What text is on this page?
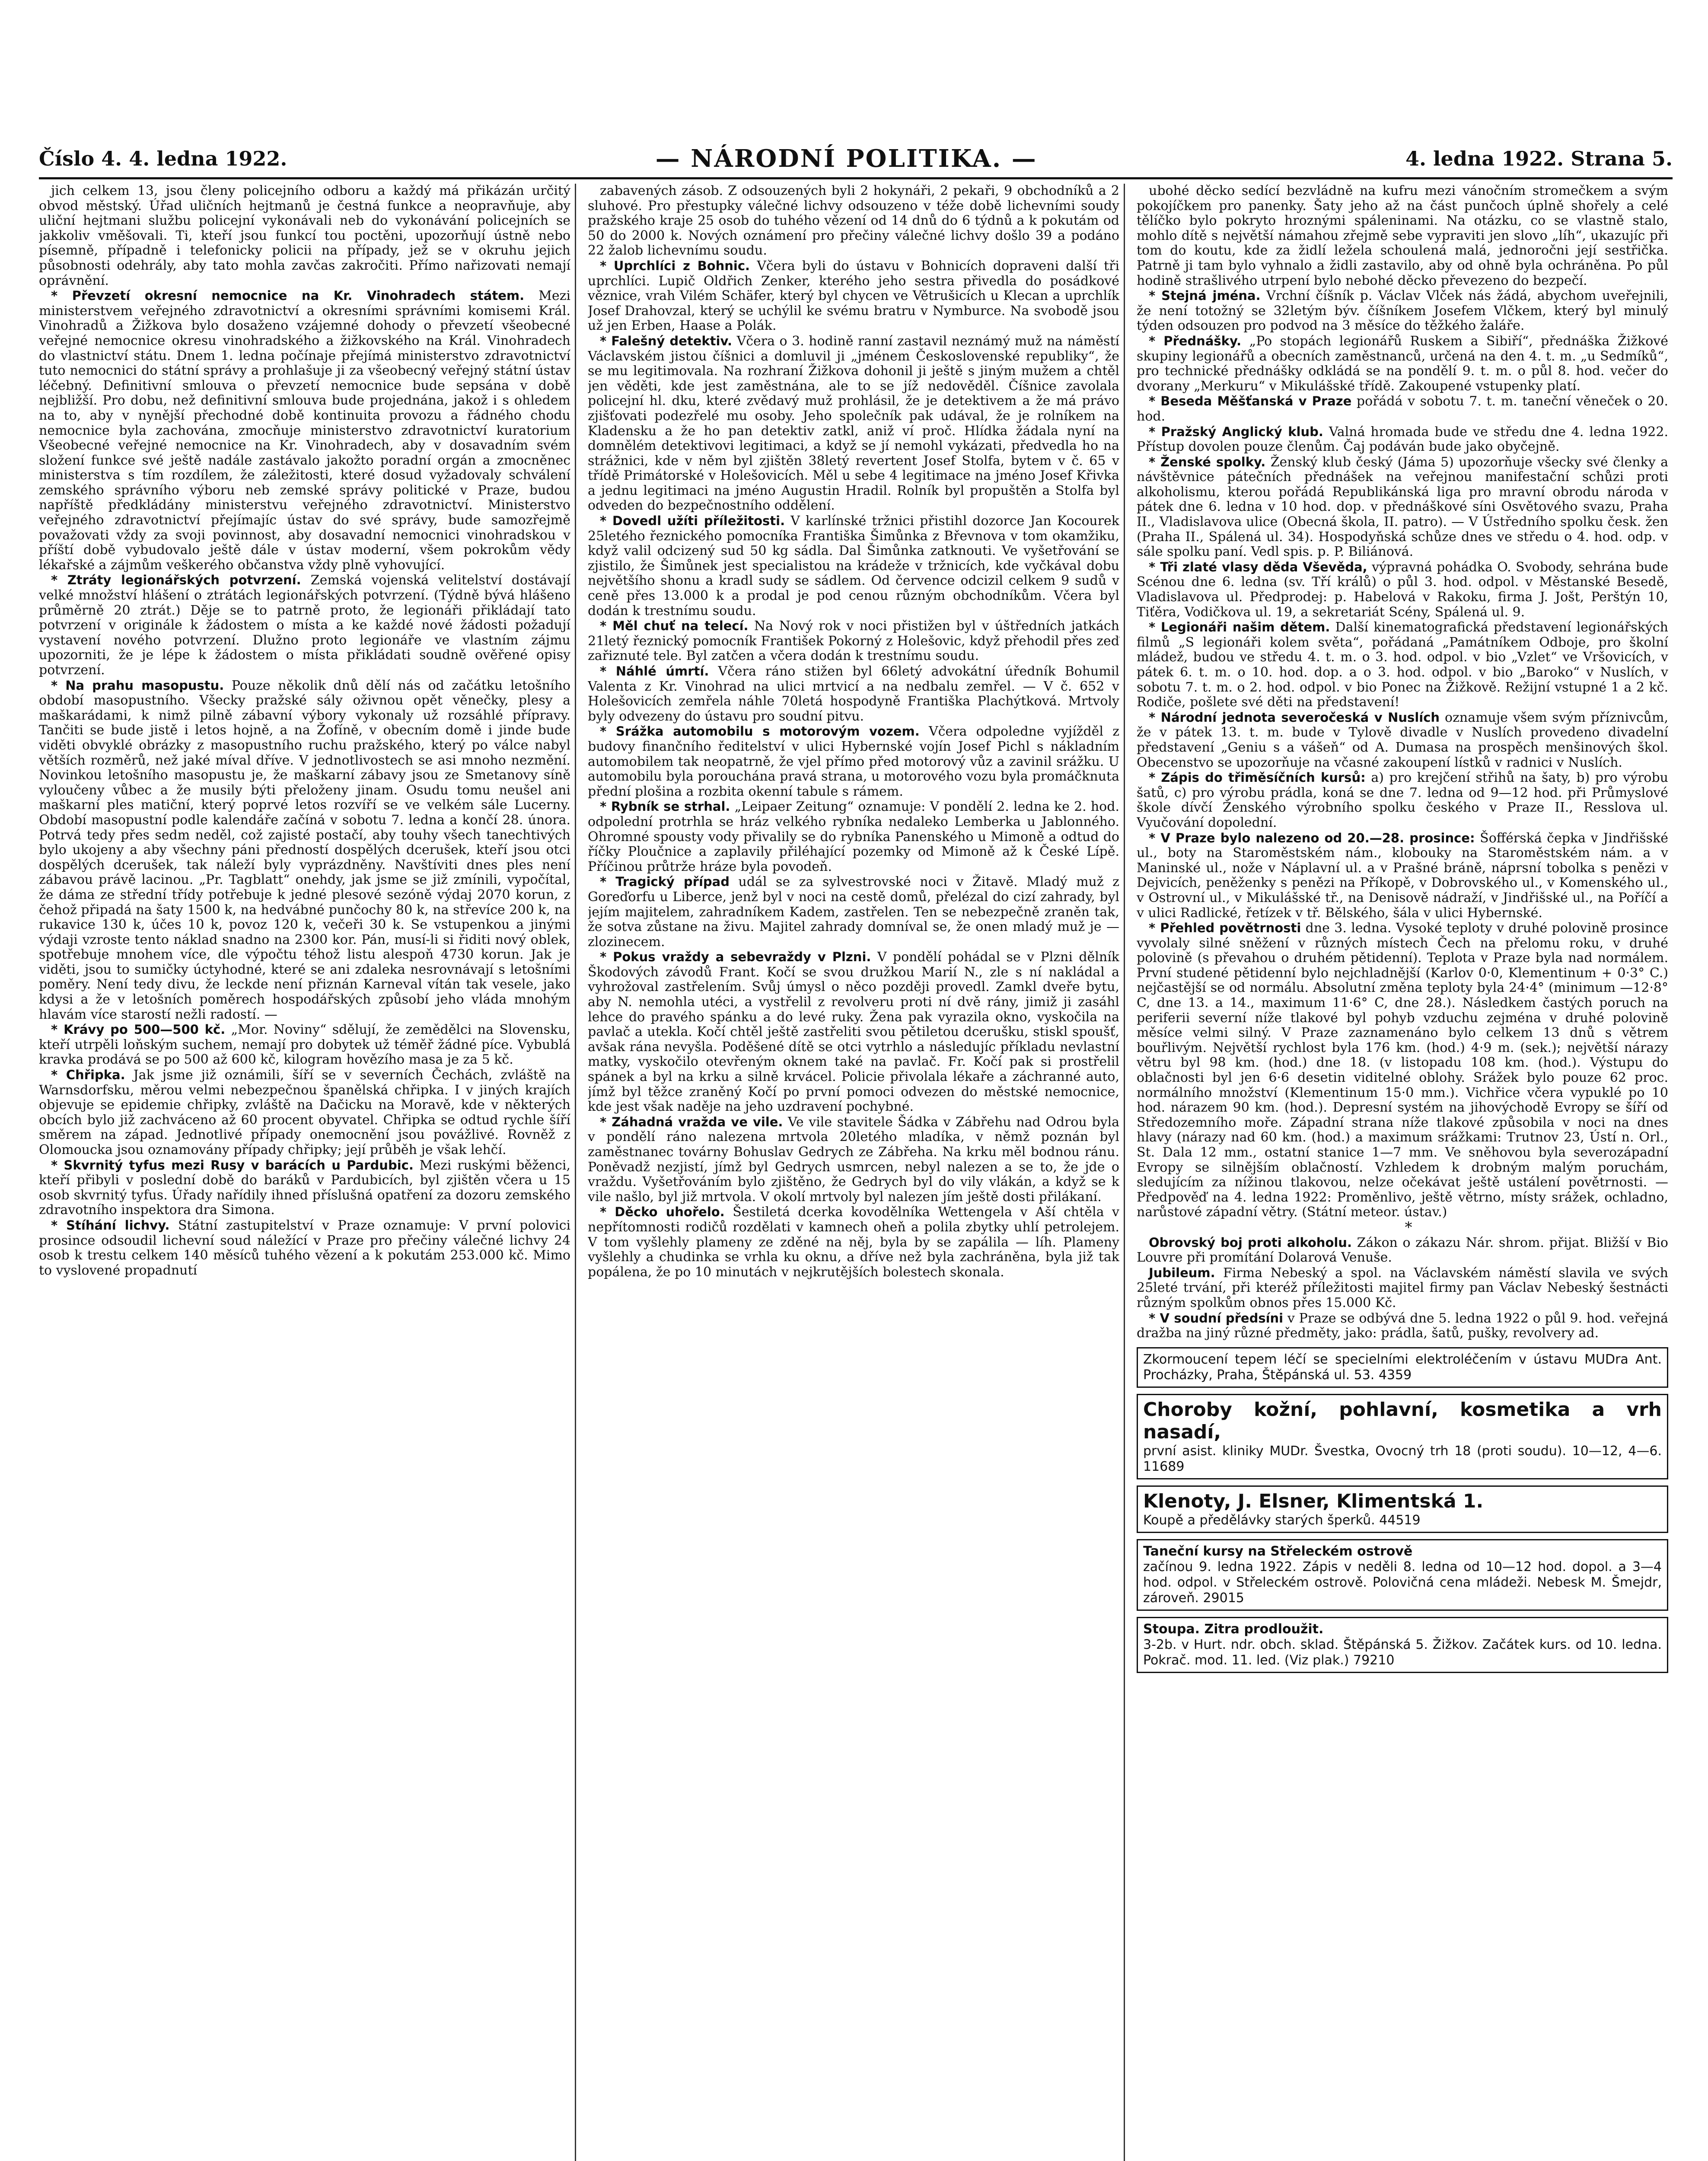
Číslo 4. 4. ledna 1922.	— NÁRODNÍ POLITIKA. —	4. ledna 1922. Strana 5.

jich celkem 13, jsou členy policejního odboru a každý má přikázán určitý obvod městský. Úřad uličních hejtmanů je čestná funkce a neopravňuje, aby uliční hejtmani službu policejní vykonávali neb do vykonávání policejních se jakkoliv vměšovali. Ti, kteří jsou funkcí tou poctěni, upozorňují ústně nebo písemně, případně i telefonicky policii na případy, jež se v okruhu jejich působnosti odehrály, aby tato mohla zavčas zakročiti. Přímo nařizovati nemají oprávnění.

* Převzetí okresní nemocnice na Kr. Vinohradech státem. Mezi ministerstvem veřejného zdravotnictví a okresními správními komisemi Král. Vinohradů a Žižkova bylo dosaženo vzájemné dohody o převzetí všeobecné veřejné nemocnice okresu vinohradského a žižkovského na Král. Vinohradech do vlastnictví státu. Dnem 1. ledna počínaje přejímá ministerstvo zdravotnictví tuto nemocnici do státní správy a prohlašuje ji za všeobecný veřejný státní ústav léčebný. Definitivní smlouva o převzetí nemocnice bude sepsána v době nejbližší. Pro dobu, než definitivní smlouva bude projednána, jakož i s ohledem na to, aby v nynější přechodné době kontinuita provozu a řádného chodu nemocnice byla zachována, zmocňuje ministerstvo zdravotnictví kuratorium Všeobecné veřejné nemocnice na Kr. Vinohradech, aby v dosavadním svém složení funkce své ještě nadále zastávalo jakožto poradní orgán a zmocněnec ministerstva s tím rozdílem, že záležitosti, které dosud vyžadovaly schválení zemského správního výboru neb zemské správy politické v Praze, budou napříště předkládány ministerstvu veřejného zdravotnictví. Ministerstvo veřejného zdravotnictví přejímajíc ústav do své správy, bude samozřejmě považovati vždy za svoji povinnost, aby dosavadní nemocnici vinohradskou v příští době vybudovalo ještě dále v ústav moderní, všem pokrokům vědy lékařské a zájmům veškerého občanstva vždy plně vyhovující.

* Ztráty legionářských potvrzení. Zemská vojenská velitelství dostávají velké množství hlášení o ztrátách legionářských potvrzení. (Týdně bývá hlášeno průměrně 20 ztrát.) Děje se to patrně proto, že legionáři přikládají tato potvrzení v originále k žádostem o místa a ke každé nové žádosti požadují vystavení nového potvrzení. Dlužno proto legionáře ve vlastním zájmu upozorniti, že je lépe k žádostem o místa přikládati soudně ověřené opisy potvrzení.

* Na prahu masopustu. Pouze několik dnů dělí nás od začátku letošního období masopustního. Všecky pražské sály oživnou opět věnečky, plesy a maškarádami, k nimž pilně zábavní výbory vykonaly už rozsáhlé přípravy. Tančiti se bude jistě i letos hojně, a na Žofíně, v obecním domě i jinde bude viděti obvyklé obrázky z masopustního ruchu pražského, který po válce nabyl větších rozměrů, než jaké míval dříve. V jednotlivostech se asi mnoho nezmění. Novinkou letošního masopustu je, že maškarní zábavy jsou ze Smetanovy síně vyloučeny vůbec a že musily býti přeloženy jinam. Osudu tomu neušel ani maškarní ples matiční, který poprvé letos rozvíří se ve velkém sále Lucerny. Období masopustní podle kalendáře začíná v sobotu 7. ledna a končí 28. února. Potrvá tedy přes sedm neděl, což zajisté postačí, aby touhy všech tanechtivých bylo ukojeny a aby všechny páni předností dospělých dcerušek, kteří jsou otci dospělých dcerušek, tak náleží byly vyprázdněny. Navštíviti dnes ples není zábavou právě lacinou. „Pr. Tagblatt“ onehdy, jak jsme se již zmínili, vypočítal, že dáma ze střední třídy potřebuje k jedné plesové sezóně výdaj 2070 korun, z čehož připadá na šaty 1500 k, na hedvábné punčochy 80 k, na střevíce 200 k, na rukavice 130 k, účes 10 k, povoz 120 k, večeři 30 k. Se vstupenkou a jinými výdaji vzroste tento náklad snadno na 2300 kor. Pán, musí-li si řiditi nový oblek, spotřebuje mnohem více, dle výpočtu téhož listu alespoň 4730 korun. Jak je viděti, jsou to sumičky úctyhodné, které se ani zdaleka nesrovnávají s letošními poměry. Není tedy divu, že leckde není přiznán Karneval vítán tak vesele, jako kdysi a že v letošních poměrech hospodářských způsobí jeho vláda mnohým hlavám více starostí nežli radostí. —

* Krávy po 500—500 kč. „Mor. Noviny“ sdělují, že zemědělci na Slovensku, kteří utrpěli loňským suchem, nemají pro dobytek už téměř žádné píce. Vybublá kravka prodává se po 500 až 600 kč, kilogram hovězího masa je za 5 kč.

* Chřipka. Jak jsme již oznámili, šíří se v severních Čechách, zvláště na Warnsdorfsku, měrou velmi nebezpečnou španělská chřipka. I v jiných krajích objevuje se epidemie chřipky, zvláště na Dačicku na Moravě, kde v některých obcích bylo již zachváceno až 60 procent obyvatel. Chřipka se odtud rychle šíří směrem na západ. Jednotlivé případy onemocnění jsou povážlivé. Rovněž z Olomoucka jsou oznamovány případy chřipky; její průběh je však lehčí.

* Skvrnitý tyfus mezi Rusy v barácích u Pardubic. Mezi ruskými běženci, kteří přibyli v poslední době do baráků v Pardubicích, byl zjištěn včera u 15 osob skvrnitý tyfus. Úřady nařídily ihned příslušná opatření za dozoru zemského zdravotního inspektora dra Simona.

* Stíhání lichvy. Státní zastupitelství v Praze oznamuje: V první polovici prosince odsoudil lichevní soud náležící v Praze pro přečiny válečné lichvy 24 osob k trestu celkem 140 měsíců tuhého vězení a k pokutám 253.000 kč. Mimo to vyslovené propadnutí

zabavených zásob. Z odsouzených byli 2 hokynáři, 2 pekaři, 9 obchodníků a 2 sluhové. Pro přestupky válečné lichvy odsouzeno v téže době lichevními soudy pražského kraje 25 osob do tuhého vězení od 14 dnů do 6 týdnů a k pokutám od 50 do 2000 k. Nových oznámení pro přečiny válečné lichvy došlo 39 a podáno 22 žalob lichevnímu soudu.

* Uprchlíci z Bohnic. Včera byli do ústavu v Bohnicích dopraveni další tři uprchlíci. Lupič Oldřich Zenker, kterého jeho sestra přivedla do posádkové věznice, vrah Vilém Schäfer, který byl chycen ve Větrušicích u Klecan a uprchlík Josef Drahovzal, který se uchýlil ke svému bratru v Nymburce. Na svobodě jsou už jen Erben, Haase a Polák.

* Falešný detektiv. Včera o 3. hodině ranní zastavil neznámý muž na náměstí Václavském jistou číšnici a domluvil ji „jménem Československé republiky“, že se mu legitimovala. Na rozhraní Žižkova dohonil ji ještě s jiným mužem a chtěl jen věděti, kde jest zaměstnána, ale to se jíž nedověděl. Číšnice zavolala policejní hl. dku, které zvědavý muž prohlásil, že je detektivem a že má právo zjišťovati podezřelé mu osoby. Jeho společník pak udával, že je rolníkem na Kladensku a že ho pan detektiv zatkl, aniž ví proč. Hlídka žádala nyní na domnělém detektivovi legitimaci, a když se jí nemohl vykázati, předvedla ho na strážnici, kde v něm byl zjištěn 38letý revertent Josef Stolfa, bytem v č. 65 v třídě Primátorské v Holešovicích. Měl u sebe 4 legitimace na jméno Josef Křivka a jednu legitimaci na jméno Augustin Hradil. Rolník byl propuštěn a Stolfa byl odveden do bezpečnostního oddělení.

* Dovedl užíti příležitosti. V karlínské tržnici přistihl dozorce Jan Kocourek 25letého řeznického pomocníka Františka Šimůnka z Břevnova v tom okamžiku, když valil odcizený sud 50 kg sádla. Dal Šimůnka zatknouti. Ve vyšetřování se zjistilo, že Šimůnek jest specialistou na krádeže v tržnicích, kde vyčkával dobu největšího shonu a kradl sudy se sádlem. Od července odcizil celkem 9 sudů v ceně přes 13.000 k a prodal je pod cenou různým obchodníkům. Včera byl dodán k trestnímu soudu.

* Měl chuť na telecí. Na Nový rok v noci přistižen byl v úštředních jatkách 21letý řeznický pomocník František Pokorný z Holešovic, když přehodil přes zeď zařiznuté tele. Byl zatčen a včera dodán k trestnímu soudu.

* Náhlé úmrtí. Včera ráno stižen byl 66letý advokátní úředník Bohumil Valenta z Kr. Vinohrad na ulici mrtvicí a na nedbalu zemřel. — V č. 652 v Holešovicích zemřela náhle 70letá hospodyně Františka Plachýtková. Mrtvoly byly odvezeny do ústavu pro soudní pitvu.

* Srážka automobilu s motorovým vozem. Včera odpoledne vyjížděl z budovy finančního ředitelství v ulici Hybernské vojín Josef Pichl s nákladním automobilem tak neopatrně, že vjel přímo před motorový vůz a zavinil srážku. U automobilu byla porouchána pravá strana, u motorového vozu byla promáčknuta přední plošina a rozbita okenní tabule s rámem.

* Rybník se strhal. „Leipaer Zeitung“ oznamuje: V pondělí 2. ledna ke 2. hod. odpolední protrhla se hráz velkého rybníka nedaleko Lemberka u Jablonného. Ohromné spousty vody přivalily se do rybníka Panenského u Mimoně a odtud do říčky Ploučnice a zaplavily přiléhající pozemky od Mimoně až k České Lípě. Příčinou průtrže hráze byla povodeň.

* Tragický případ udál se za sylvestrovské noci v Žitavě. Mladý muž z Goreďorfu u Liberce, jenž byl v noci na cestě domů, přelézal do cizí zahrady, byl jejím majitelem, zahradníkem Kadem, zastřelen. Ten se nebezpečně zraněn tak, že sotva zůstane na živu. Majitel zahrady domníval se, že onen mladý muž je — zlozinecem.

* Pokus vraždy a sebevraždy v Plzni. V pondělí pohádal se v Plzni dělník Škodových závodů Frant. Kočí se svou družkou Marií N., zle s ní nakládal a vyhrožoval zastřelením. Svůj úmysl o něco později provedl. Zamkl dveře bytu, aby N. nemohla utéci, a vystřelil z revolveru proti ní dvě rány, jimiž ji zasáhl lehce do pravého spánku a do levé ruky. Žena pak vyrazila okno, vyskočila na pavlač a utekla. Kočí chtěl ještě zastřeliti svou pětiletou dcerušku, stiskl spoušť, avšak rána nevyšla. Poděšené dítě se otci vytrhlo a následujíc příkladu nevlastní matky, vyskočilo otevřeným oknem také na pavlač. Fr. Kočí pak si prostřelil spánek a byl na krku a silně krvácel. Policie přivolala lékaře a záchranné auto, jímž byl těžce zraněný Kočí po první pomoci odvezen do městské nemocnice, kde jest však naděje na jeho uzdravení pochybné.

* Záhadná vražda ve vile. Ve vile stavitele Šádka v Zábřehu nad Odrou byla v pondělí ráno nalezena mrtvola 20letého mladíka, v němž poznán byl zaměstnanec továrny Bohuslav Gedrych ze Zábřeha. Na krku měl bodnou ránu. Poněvadž nezjistí, jímž byl Gedrych usmrcen, nebyl nalezen a se to, že jde o vraždu. Vyšetřováním bylo zjištěno, že Gedrych byl do vily vlákán, a když se k vile našlo, byl již mrtvola. V okolí mrtvoly byl nalezen jím ještě dosti přilákaní.

* Děcko uhořelo. Šestiletá dcerka kovodělníka Wettengela v Aší chtěla v nepřítomnosti rodičů rozdělati v kamnech oheň a polila zbytky uhlí petrolejem. V tom vyšlehly plameny ze zděné na něj, byla by se zapálila — líh. Plameny vyšlehly a chudinka se vrhla ku oknu, a dříve než byla zachráněna, byla již tak popálena, že po 10 minutách v nejkrutějších bolestech skonala.

ubohé děcko sedící bezvládně na kufru mezi vánočním stromečkem a svým pokojíčkem pro panenky. Šaty jeho až na část punčoch úplně shořely a celé tělíčko bylo pokryto hroznými spáleninami. Na otázku, co se vlastně stalo, mohlo dítě s největší námahou zřejmě sebe vypraviti jen slovo „líh“, ukazujíc při tom do koutu, kde za židlí ležela schoulená malá, jednoročni její sestřička. Patrně ji tam bylo vyhnalo a židli zastavilo, aby od ohně byla ochráněna. Po půl hodině strašlivého utrpení bylo nebohé děcko převezeno do bezpečí.

* Stejná jména. Vrchní číšník p. Václav Vlček nás žádá, abychom uveřejnili, že není totožný se 32letým býv. číšníkem Josefem Vlčkem, který byl minulý týden odsouzen pro podvod na 3 měsíce do těžkého žaláře.

* Přednášky. „Po stopách legionářů Ruskem a Sibiří“, přednáška Žižkové skupiny legionářů a obecních zaměstnanců, určená na den 4. t. m. „u Sedmíků“, pro technické přednášky odkládá se na pondělí 9. t. m. o půl 8. hod. večer do dvorany „Merkuru“ v Mikulášské třídě. Zakoupené vstupenky platí.

* Beseda Měšťanská v Praze pořádá v sobotu 7. t. m. taneční věneček o 20. hod.

* Pražský Anglický klub. Valná hromada bude ve středu dne 4. ledna 1922. Přístup dovolen pouze členům. Čaj podáván bude jako obyčejně.

* Ženské spolky. Ženský klub český (Jáma 5) upozorňuje všecky své členky a návštěvnice pátečních přednášek na veřejnou manifestační schůzi proti alkoholismu, kterou pořádá Republikánská liga pro mravní obrodu národa v pátek dne 6. ledna v 10 hod. dop. v přednáškové síni Osvětového svazu, Praha II., Vladislavova ulice (Obecná škola, II. patro). — V Ústředního spolku česk. žen (Praha II., Spálená ul. 34). Hospodyňská schůze dnes ve středu o 4. hod. odp. v sále spolku paní. Vedl spis. p. P. Biliánová.

* Tři zlaté vlasy děda Vševěda, výpravná pohádka O. Svobody, sehrána bude Scénou dne 6. ledna (sv. Tří králů) o půl 3. hod. odpol. v Městanské Besedě, Vladislavova ul. Předprodej: p. Habelová v Rakoku, firma J. Jošt, Perštýn 10, Tiťěra, Vodičkova ul. 19, a sekretariát Scény, Spálená ul. 9.

* Legionáři našim dětem. Další kinematografická představení legionářských filmů „S legionáři kolem světa“, pořádaná „Památníkem Odboje, pro školní mládež, budou ve středu 4. t. m. o 3. hod. odpol. v bio „Vzlet“ ve Vršovicích, v pátek 6. t. m. o 10. hod. dop. a o 3. hod. odpol. v bio „Baroko“ v Nuslích, v sobotu 7. t. m. o 2. hod. odpol. v bio Ponec na Žižkově. Režijní vstupné 1 a 2 kč. Rodiče, pošlete své děti na představení!

* Národní jednota severočeská v Nuslích oznamuje všem svým příznivcům, že v pátek 13. t. m. bude v Tylově divadle v Nuslích provedeno divadelní představení „Geniu s a vášeň“ od A. Dumasa na prospěch menšinových škol. Obecenstvo se upozorňuje na včasné zakoupení lístků v radnici v Nuslích.

* Zápis do třiměsíčních kursů: a) pro krejčení střihů na šaty, b) pro výrobu šatů, c) pro výrobu prádla, koná se dne 7. ledna od 9—12 hod. při Průmyslové škole dívčí Ženského výrobního spolku českého v Praze II., Resslova ul. Vyučování dopolední.

* V Praze bylo nalezeno od 20.—28. prosince: Šofférská čepka v Jindřišské ul., boty na Staroměstském nám., klobouky na Staroměstském nám. a v Maninské ul., nože v Náplavní ul. a v Prašné bráně, náprsní tobolka s penězi v Dejvicích, peněženky s penězi na Příkopě, v Dobrovského ul., v Komenského ul., v Ostrovní ul., v Mikulášské tř., na Denisově nádraží, v Jindřišské ul., na Poříčí a v ulici Radlické, řetízek v tř. Bělského, šála v ulici Hybernské.

* Přehled povětrnosti dne 3. ledna. Vysoké teploty v druhé polovině prosince vyvolaly silné sněžení v různých místech Čech na přelomu roku, v druhé polovině (s převahou o druhém pětidenní). Teplota v Praze byla nad normálem. První studené pětidenní bylo nejchladnější (Karlov 0·0, Klementinum + 0·3° C.) nejčastější se od normálu. Absolutní změna teploty byla 24·4° (minimum —12·8° C, dne 13. a 14., maximum 11·6° C, dne 28.). Následkem častých poruch na periferii severní níže tlakové byl pohyb vzduchu zejména v druhé polovině měsíce velmi silný. V Praze zaznamenáno bylo celkem 13 dnů s větrem bouřlivým. Největší rychlost byla 176 km. (hod.) 4·9 m. (sek.); největší nárazy větru byl 98 km. (hod.) dne 18. (v listopadu 108 km. (hod.). Výstupu do oblačnosti byl jen 6·6 desetin viditelné oblohy. Srážek bylo pouze 62 proc. normálního množství (Klementinum 15·0 mm.). Vichřice včera vypuklé po 10 hod. nárazem 90 km. (hod.). Depresní systém na jihovýchodě Evropy se šíří od Středozemního moře. Západní strana níže tlakové způsobila v noci na dnes hlavy (nárazy nad 60 km. (hod.) a maximum srážkami: Trutnov 23, Ústí n. Orl., St. Dala 12 mm., ostatní stanice 1—7 mm. Ve sněhovou byla severozápadní Evropy se silnějším oblačností. Vzhledem k drobným malým poruchám, sledujícím za nížinou tlakovou, nelze očekávat ještě ustálení povětrnosti. — Předpověď na 4. ledna 1922: Proměnlivo, ještě větrno, místy srážek, ochladno, narůstové západní větry. (Státní meteor. ústav.)

*

Obrovský boj proti alkoholu. Zákon o zákazu Nár. shrom. přijat. Bližší v Bio Louvre při promítání Dolarová Venuše.

Jubileum. Firma Nebeský a spol. na Václavském náměstí slavila ve svých 25leté trvání, při kteréž příležitosti majitel firmy pan Václav Nebeský šestnácti různým spolkům obnos přes 15.000 Kč.

* V soudní předsíni v Praze se odbývá dne 5. ledna 1922 o půl 9. hod. veřejná dražba na jiný různé předměty, jako: prádla, šatů, pušky, revolvery ad.

Zkormoucení tepem léčí se specielními elektroléčením v ústavu MUDra Ant. Procházky, Praha, Štěpánská ul. 53. 4359
Choroby kožní, pohlavní, kosmetika a vrh nasadí,
první asist. kliniky MUDr. Švestka, Ovocný trh 18 (proti soudu). 10—12, 4—6. 11689
Klenoty, J. Elsner, Klimentská 1.
Koupě a předělávky starých šperků. 44519
Taneční kursy na Střeleckém ostrově
začínou 9. ledna 1922. Zápis v neděli 8. ledna od 10—12 hod. dopol. a 3—4 hod. odpol. v Střeleckém ostrově. Polovičná cena mládeži. Nebesk M. Šmejdr, zároveň. 29015
Stoupa. Zitra prodloužit.
3-2b. v Hurt. ndr. obch. sklad. Štěpánská 5. Žižkov. Začátek kurs. od 10. ledna. Pokrač. mod. 11. led. (Viz plak.) 79210
